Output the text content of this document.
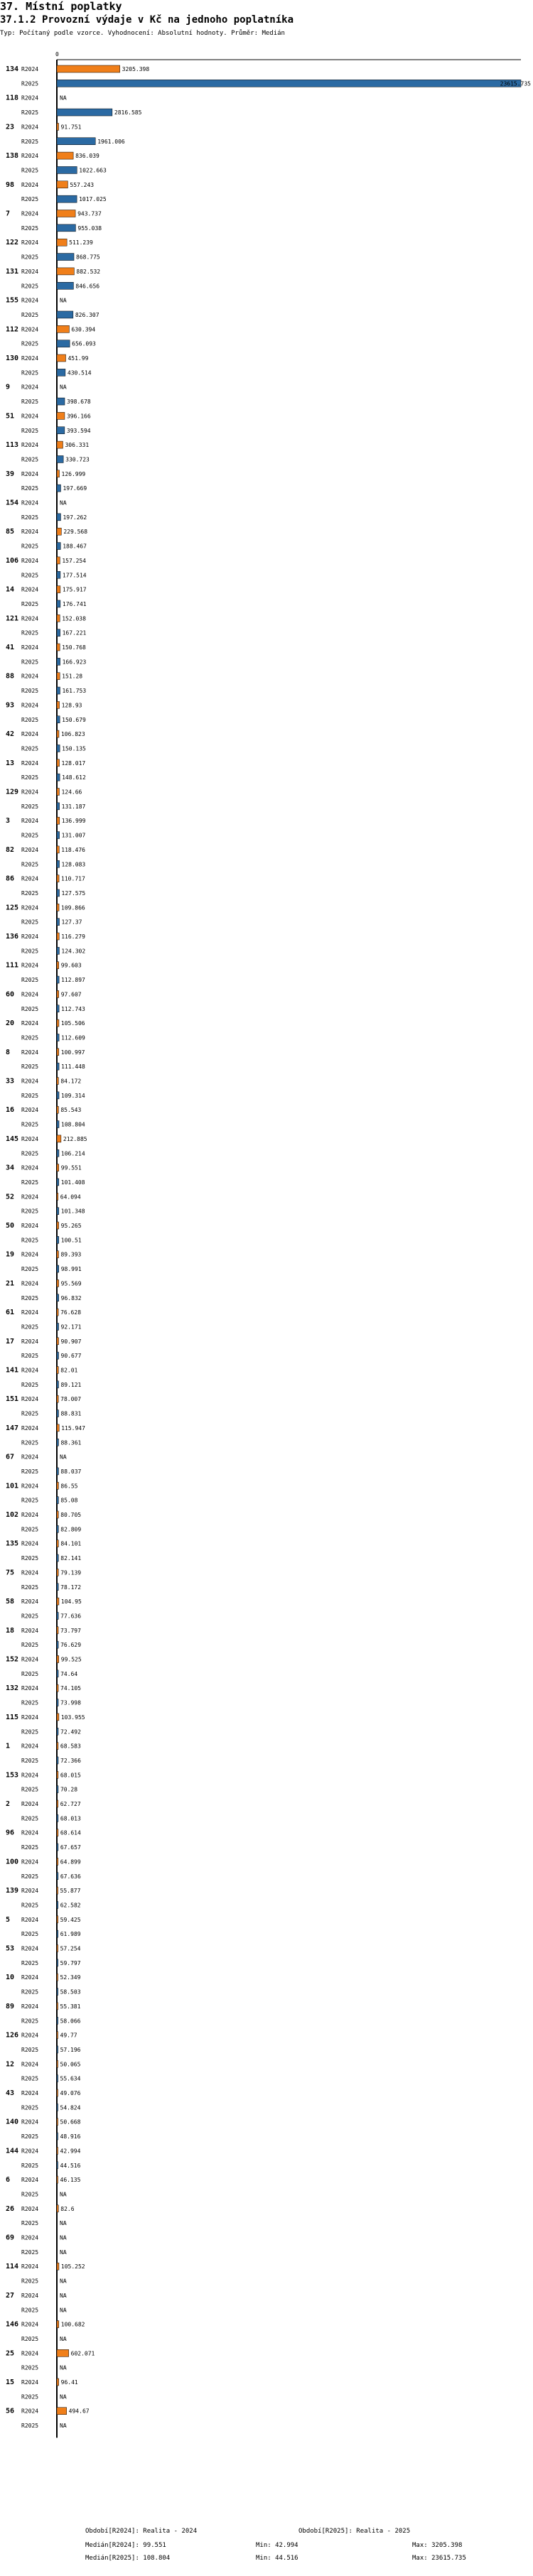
37. Místní poplatky
37.1.2 Provozní výdaje v Kč na jednoho poplatníka
Typ: Počítaný podle vzorce. Vyhodnocení: Absolutní hodnoty. Průměr: Medián
0
134 R2024	3205.398
R2025	23615.735
118 R2024	NA
R2025	2816.585
23 R2024	91.751
R2025	1961.006
138 R2024	836.039
R2025	1022.663
98 R2024	557.243
R2025	1017.025
7 R2024	943.737
R2025	955.038
122 R2024	511.239
R2025	868.775
131 R2024	882.532
R2025	846.656
155 R2024	NA
R2025	826.307
112 R2024	630.394
R2025	656.093
130 R2024	451.99
R2025	430.514
9 R2024	NA
R2025	398.678
51 R2024	396.166
R2025	393.594
113 R2024	306.331
R2025	330.723
39 R2024	126.999
R2025	197.669
154 R2024	NA
R2025	197.262
85 R2024	229.568
R2025	188.467
106 R2024	157.254
R2025	177.514
14 R2024	175.917
R2025	176.741
121 R2024	152.038
R2025	167.221
41 R2024	150.768
R2025	166.923
88 R2024	151.28
R2025	161.753
93 R2024	128.93
R2025	150.679
42 R2024	106.823
R2025	150.135
13 R2024	128.017
R2025	148.612
129 R2024	124.66
R2025	131.187
3 R2024	136.999
R2025	131.007
82 R2024	118.476
R2025	128.083
86 R2024	110.717
R2025	127.575
125 R2024	109.866
R2025	127.37
136 R2024	116.279
R2025	124.302
111 R2024	99.603
R2025	112.897
60 R2024	97.607
R2025	112.743
20 R2024	105.506
R2025	112.609
8 R2024	100.997
R2025	111.448
33 R2024	84.172
R2025	109.314
16 R2024	85.543
R2025	108.804
145 R2024	212.885
R2025	106.214
34 R2024	99.551
R2025	101.408
52 R2024	64.094
R2025	101.348
50 R2024	95.265
R2025	100.51
19 R2024	89.393
R2025	98.991
21 R2024	95.569
R2025	96.832
61 R2024	76.628
R2025	92.171
17 R2024	90.907
R2025	90.677
141 R2024	82.01
R2025	89.121
151 R2024	78.007
R2025	88.831
147 R2024	115.947
R2025	88.361
67 R2024	NA
R2025	88.037
101 R2024	86.55
R2025	85.08
102 R2024	80.705
R2025	82.809
135 R2024	84.101
R2025	82.141
75 R2024	79.139
R2025	78.172
58 R2024	104.95
R2025	77.636
18 R2024	73.797
R2025	76.629
152 R2024	99.525
R2025	74.64
132 R2024	74.105
R2025	73.998
115 R2024	103.955
R2025	72.492
1 R2024	68.583
R2025	72.366
153 R2024	68.015
R2025	70.28
2 R2024	62.727
R2025	68.013
96 R2024	68.614
R2025	67.657
100 R2024	64.899
R2025	67.636
139 R2024	55.877
R2025	62.582
5 R2024	59.425
R2025	61.989
53 R2024	57.254
R2025	59.797
10 R2024	52.349
R2025	58.503
89 R2024	55.381
R2025	58.066
126 R2024	49.77
R2025	57.196
12 R2024	50.065
R2025	55.634
43 R2024	49.076
R2025	54.824
140 R2024	50.668
R2025	48.916
144 R2024	42.994
R2025	44.516
6 R2024	46.135
R2025	NA
26 R2024	82.6
R2025	NA
69 R2024	NA
R2025	NA
114 R2024	105.252
R2025	NA
27 R2024	NA
R2025	NA
146 R2024	100.682
R2025	NA
25 R2024	602.071
R2025	NA
15 R2024	96.41
R2025	NA
56 R2024	494.67
R2025	NA
Období[R2024]: Realita - 2024	Období[R2025]: Realita - 2025
Medián[R2024]: 99.551	Min: 42.994	Max: 3205.398
Medián[R2025]: 108.804	Min: 44.516	Max: 23615.735
